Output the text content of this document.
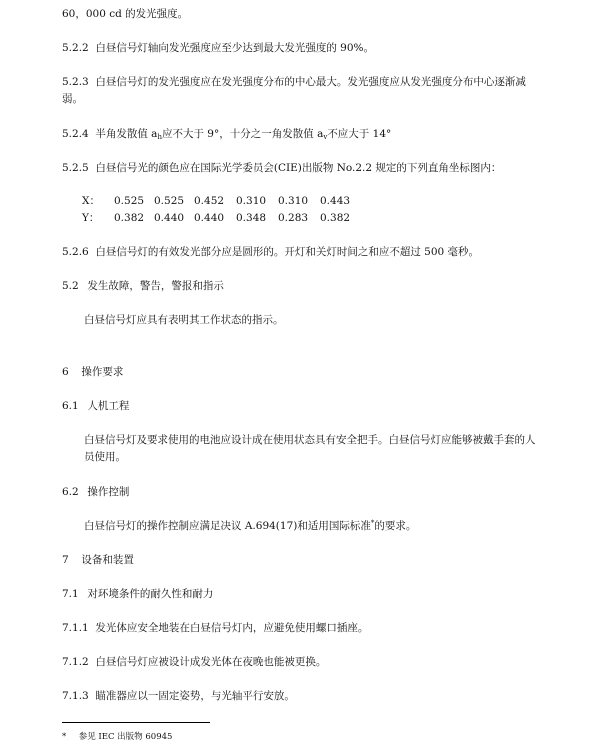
60，000 cd 的发光强度。
5.2.2 白昼信号灯轴向发光强度应至少达到最大发光强度的 90%。
5.2.3 白昼信号灯的发光强度应在发光强度分布的中心最大。发光强度应从发光强度分布中心逐渐减
弱。
5.2.4 半角发散值 $a_h$应不大于 9°，十分之一角发散值 $a_v$不应大于 14°
5.2.5 白昼信号光的颜色应在国际光学委员会(CIE)出版物 No.2.2 规定的下列直角坐标图内：
X：	0.525	0.525	0.452	0.310	0.310	0.443
Y：	0.382	0.440	0.440	0.348	0.283	0.382
5.2.6 白昼信号灯的有效发光部分应是圆形的。开灯和关灯时间之和应不超过 500 毫秒。
5.2 发生故障，警告，警报和指示
白昼信号灯应具有表明其工作状态的指示。
6 操作要求
6.1 人机工程
白昼信号灯及要求使用的电池应设计成在使用状态具有安全把手。白昼信号灯应能够被戴手套的人
员使用。
6.2 操作控制
白昼信号灯的操作控制应满足决议 A.694(17)和适用国际标准*的要求。
7 设备和装置
7.1 对环境条件的耐久性和耐力
7.1.1 发光体应安全地装在白昼信号灯内，应避免使用螺口插座。
7.1.2 白昼信号灯应被设计成发光体在夜晚也能被更换。
7.1.3 瞄准器应以一固定姿势，与光轴平行安放。
* 参见 IEC 出版物 60945
